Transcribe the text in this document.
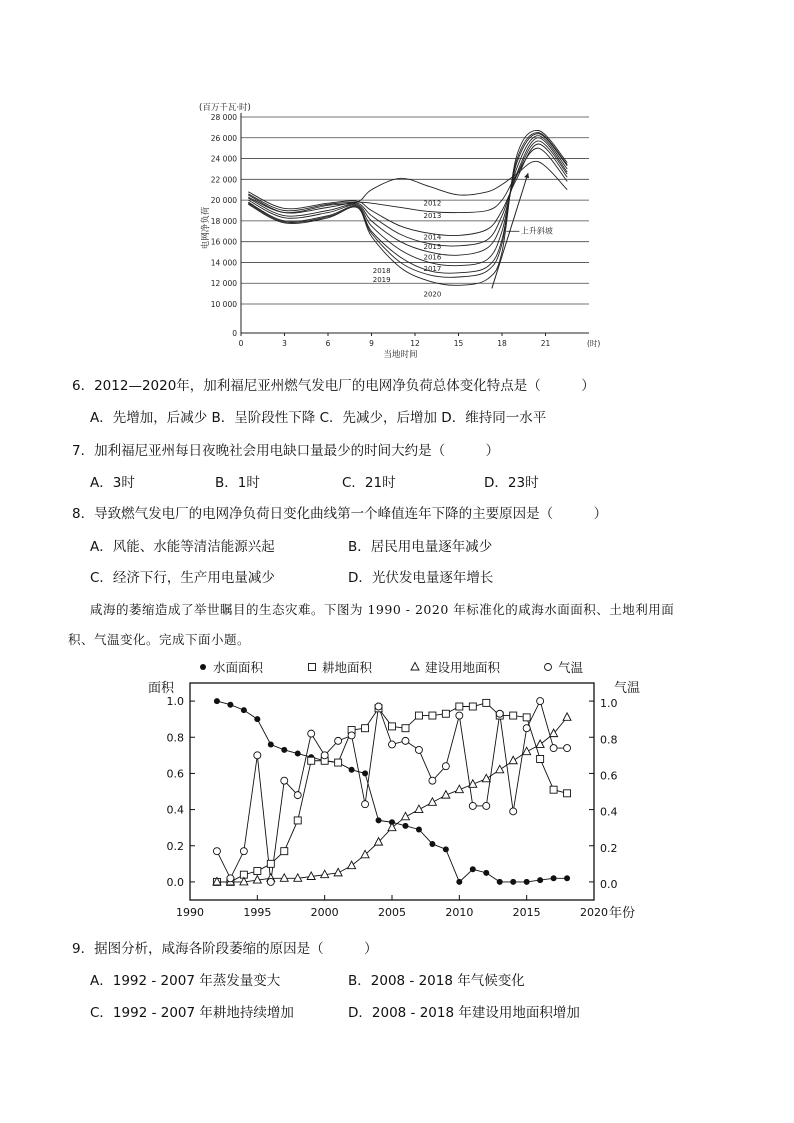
0
10 000
12 000
14 000
16 000
18 000
20 000
22 000
24 000
26 000
28 000
0	3	6	9	12	15	18	21	(时)
当地时间
(百万千瓦·时)
电网净负荷
2012
2013
2014
2015
2016
2017
2018
2019
2020
上升斜坡
6．2012—2020年，加利福尼亚州燃气发电厂的电网净负荷总体变化特点是（　　　）
A．先增加，后减少 B．呈阶段性下降 C．先减少，后增加 D．维持同一水平
7．加利福尼亚州每日夜晚社会用电缺口量最少的时间大约是（　　　）
A．3时	B．1时	C．21时	D．23时
8．导致燃气发电厂的电网净负荷日变化曲线第一个峰值连年下降的主要原因是（　　　）
A．风能、水能等清洁能源兴起	B．居民用电量逐年减少
C．经济下行，生产用电量减少	D．光伏发电量逐年增长
咸海的萎缩造成了举世瞩目的生态灾难。下图为 1990 - 2020 年标准化的咸海水面面积、土地利用面
积、气温变化。完成下面小题。
0.0	0.0
0.2	0.2
0.4	0.4
0.6	0.6
0.8	0.8
1.0	1.0
1990	1995	2000	2005	2010	2015	2020 年份
面积	气温
水面面积	耕地面积	建设用地面积	气温
9．据图分析，咸海各阶段萎缩的原因是（　　　）
A．1992 - 2007 年蒸发量变大	B．2008 - 2018 年气候变化
C．1992 - 2007 年耕地持续增加	D．2008 - 2018 年建设用地面积增加
